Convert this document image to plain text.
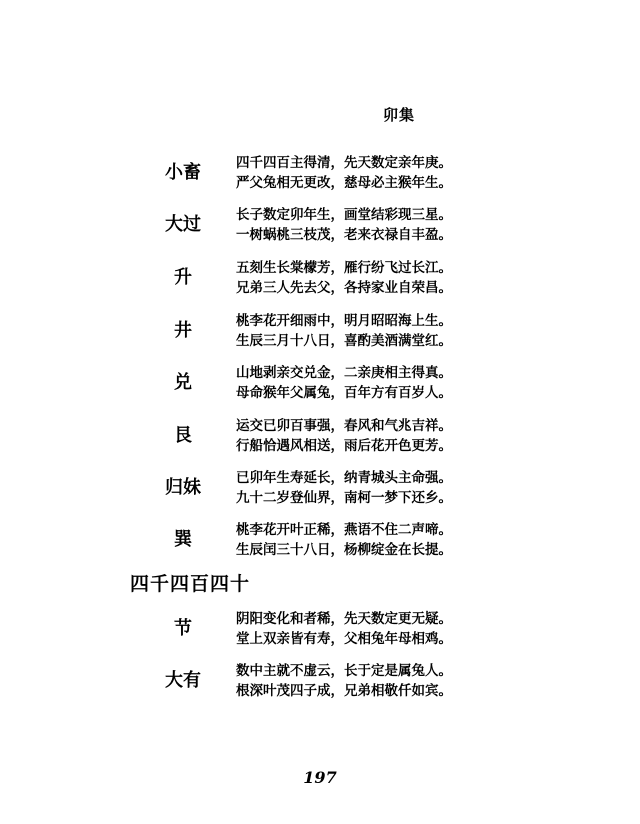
卯集
小畜	四千四百主得清，先天数定亲年庚。
严父兔相无更改，慈母必主猴年生。
大过	长子数定卯年生，画堂结彩现三星。
一树蜗桃三枝茂，老来衣禄自丰盈。
升	五刻生长棠檬芳，雁行纷飞过长江。
兄弟三人先去父，各持家业自荣昌。
井	桃李花开细雨中，明月昭昭海上生。
生辰三月十八日，喜酌美酒满堂红。
兑	山地剥亲交兑金，二亲庚相主得真。
母命猴年父属兔，百年方有百岁人。
艮	运交已卯百事强，春风和气兆吉祥。
行船恰遇风相送，雨后花开色更芳。
归妹	已卯年生寿延长，纳青城头主命强。
九十二岁登仙界，南柯一梦下还乡。
巽	桃李花开叶正稀，燕语不住二声啼。
生辰闰三十八日，杨柳绽金在长提。
四千四百四十
节	阴阳变化和者稀，先天数定更无疑。
堂上双亲皆有寿，父相兔年母相鸡。
大有	数中主就不虚云，长于定是属兔人。
根深叶茂四子成，兄弟相敬仟如宾。
197
